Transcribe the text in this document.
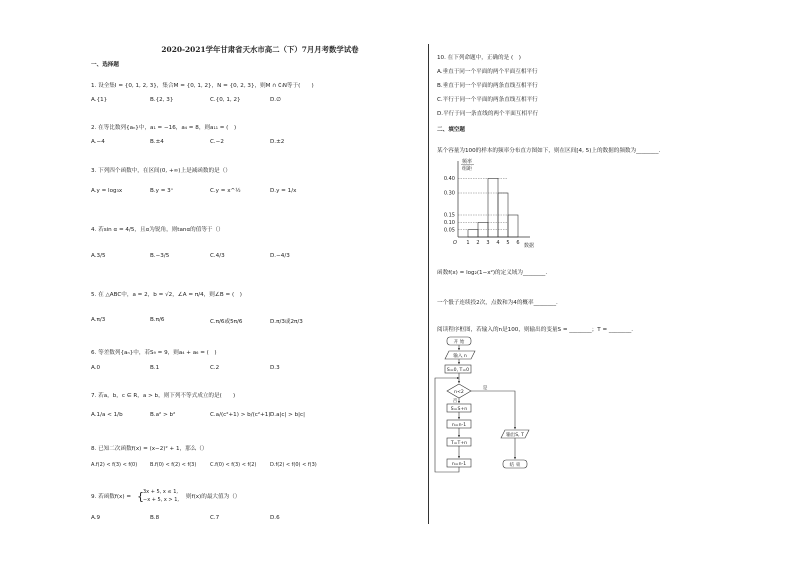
2020-2021学年甘肃省天水市高二（下）7月月考数学试卷
一、选择题
1. 设全集I = {0, 1, 2, 3}，集合M = {0, 1, 2}，N = {0, 2, 3}，则M ∩ ∁ᵢN等于(　　)
A.{1}	B.{2, 3}	C.{0, 1, 2}	D.∅
2. 在等比数列{aₙ}中，a₁ = −16，a₄ = 8，则a₁₁ = (　)
A.−4	B.±4	C.−2	D.±2
3. 下列四个函数中，在区间(0, +∞)上是减函数的是（）
A.y = log₃x	B.y = 3ˣ	C.y = x^½	D.y = 1/x
4. 若sin α = 4/5，且α为锐角，则tanα的值等于（）
A.3/5	B.−3/5	C.4/3	D.−4/3
5. 在 △ABC中，a = 2，b = √2，∠A = π/4，则∠B = (　)
A.π/3	B.π/6	C.π/6或5π/6	D.π/3或2π/3
6. 等差数列{aₙ}中，若S₉ = 9，则a₄ + a₆ = (　)
A.0	B.1	C.2	D.3
7. 若a，b，c ∈ R，a > b，则下列不等式成立的是(　　)
A.1/a < 1/b	B.a² > b²	C.a/(c²+1) > b/(c²+1) D.a|c| > b|c|
8. 已知二次函数f(x) = (x−2)² + 1，那么（）
A.f(2) < f(3) < f(0)	B.f(0) < f(2) < f(3)	C.f(0) < f(3) < f(2)	D.f(2) < f(0) < f(3)
9. 若函数f(x) = { 3x + 5, x ≤ 1,
−x + 5, x > 1, 则f(x)的最大值为（）
A.9	B.8	C.7	D.6
10. 在下列命题中，正确的是 (　)
A.垂直于同一个平面的两个平面互相平行
B.垂直于同一个平面的两条直线互相平行
C.平行于同一个平面的两条直线互相平行
D.平行于同一条直线的两个平面互相平行
二、填空题
某个容量为100的样本的频率分布直方图如下，则在区间[4, 5)上的数据的频数为________.
0.05
0.10
0.15
0.30
0.40
1 2 3 4 5 6
O
频率
组距
数据
函数f(x) = log₂(1−x²)的定义域为________.
一个骰子连续投2次，点数和为4的概率________.
阅读程序框图，若输入的n是100，则输出的变量S = ________；T = ________.
开 始
输入 n
S=0, T=0
n<2
是
否
S=S+n
n=n-1
T=T+n
n=n-1
输出S, T
结 束
